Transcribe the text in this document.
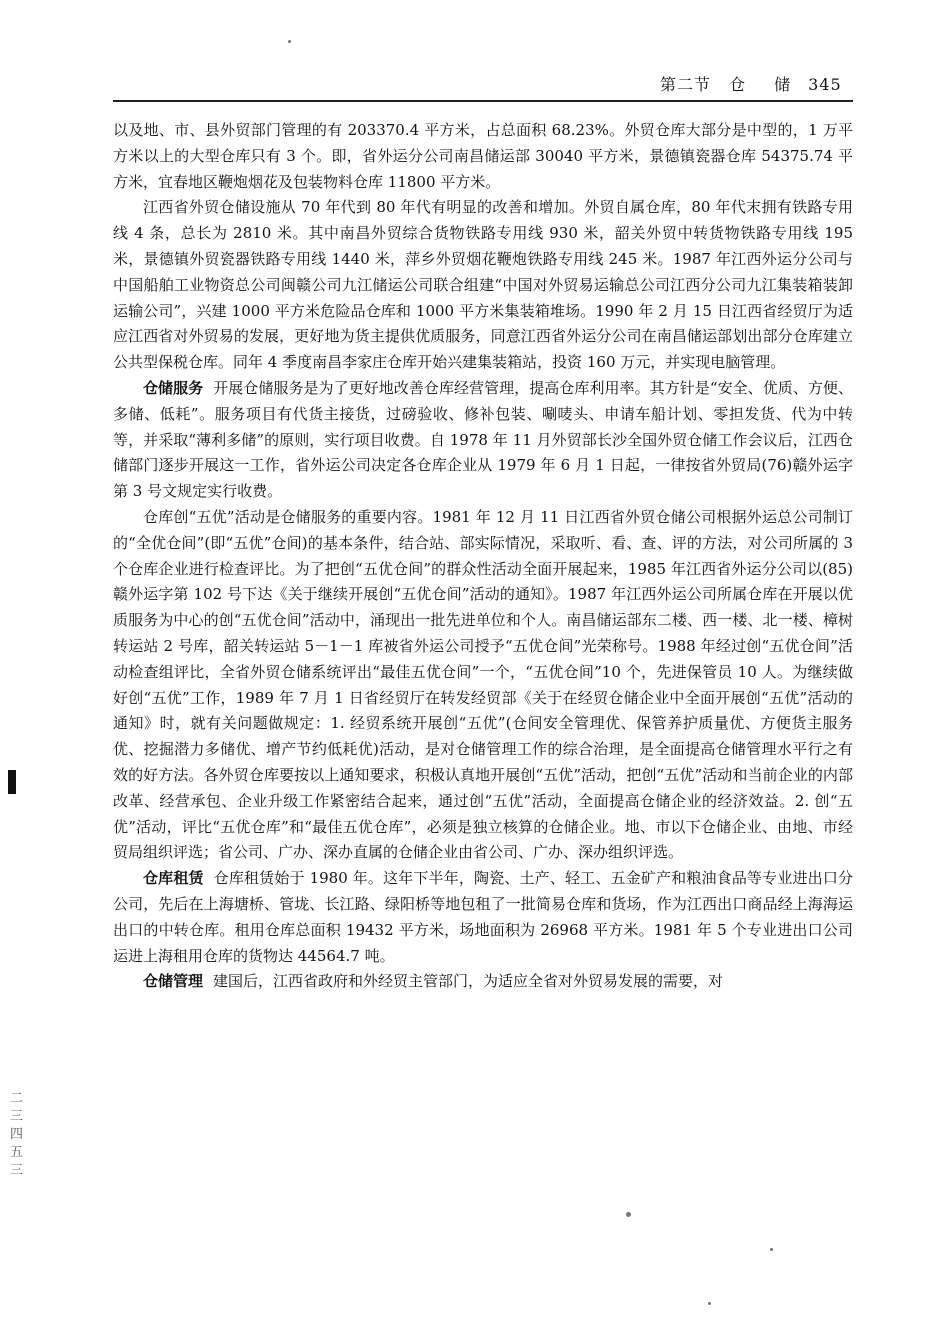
第二节 仓 储 345

以及地、市、县外贸部门管理的有 203370.4 平方米，占总面积 68.23%。外贸仓库大部分是中型的，1 万平方米以上的大型仓库只有 3 个。即，省外运分公司南昌储运部 30040 平方米，景德镇瓷器仓库 54375.74 平方米，宜春地区鞭炮烟花及包装物料仓库 11800 平方米。

江西省外贸仓储设施从 70 年代到 80 年代有明显的改善和增加。外贸自属仓库，80 年代末拥有铁路专用线 4 条，总长为 2810 米。其中南昌外贸综合货物铁路专用线 930 米，韶关外贸中转货物铁路专用线 195 米，景德镇外贸瓷器铁路专用线 1440 米，萍乡外贸烟花鞭炮铁路专用线 245 米。1987 年江西外运分公司与中国船舶工业物资总公司闽赣公司九江储运公司联合组建“中国对外贸易运输总公司江西分公司九江集装箱装卸运输公司”，兴建 1000 平方米危险品仓库和 1000 平方米集装箱堆场。1990 年 2 月 15 日江西省经贸厅为适应江西省对外贸易的发展，更好地为货主提供优质服务，同意江西省外运分公司在南昌储运部划出部分仓库建立公共型保税仓库。同年 4 季度南昌李家庄仓库开始兴建集装箱站，投资 160 万元，并实现电脑管理。

仓储服务 开展仓储服务是为了更好地改善仓库经营管理，提高仓库利用率。其方针是“安全、优质、方便、多储、低耗”。服务项目有代货主接货，过磅验收、修补包装、唰唛头、申请车船计划、零担发货、代为中转等，并采取“薄利多储”的原则，实行项目收费。自 1978 年 11 月外贸部长沙全国外贸仓储工作会议后，江西仓储部门逐步开展这一工作，省外运公司决定各仓库企业从 1979 年 6 月 1 日起，一律按省外贸局(76)赣外运字第 3 号文规定实行收费。

仓库创“五优”活动是仓储服务的重要内容。1981 年 12 月 11 日江西省外贸仓储公司根据外运总公司制订的“全优仓间”(即“五优”仓间)的基本条件，结合站、部实际情况，采取听、看、查、评的方法，对公司所属的 3 个仓库企业进行检查评比。为了把创“五优仓间”的群众性活动全面开展起来，1985 年江西省外运分公司以(85)赣外运字第 102 号下达《关于继续开展创“五优仓间”活动的通知》。1987 年江西外运公司所属仓库在开展以优质服务为中心的创“五优仓间”活动中，涌现出一批先进单位和个人。南昌储运部东二楼、西一楼、北一楼、樟树转运站 2 号库，韶关转运站 5－1－1 库被省外运公司授予“五优仓间”光荣称号。1988 年经过创“五优仓间”活动检查组评比，全省外贸仓储系统评出“最佳五优仓间”一个，“五优仓间”10 个，先进保管员 10 人。为继续做好创“五优”工作，1989 年 7 月 1 日省经贸厅在转发经贸部《关于在经贸仓储企业中全面开展创“五优”活动的通知》时，就有关问题做规定：1. 经贸系统开展创“五优”(仓间安全管理优、保管养护质量优、方便货主服务优、挖掘潜力多储优、增产节约低耗优)活动，是对仓储管理工作的综合治理，是全面提高仓储管理水平行之有效的好方法。各外贸仓库要按以上通知要求，积极认真地开展创“五优”活动，把创“五优”活动和当前企业的内部改革、经营承包、企业升级工作紧密结合起来，通过创“五优”活动，全面提高仓储企业的经济效益。2. 创“五优”活动，评比“五优仓库”和“最佳五优仓库”，必须是独立核算的仓储企业。地、市以下仓储企业、由地、市经贸局组织评选；省公司、广办、深办直属的仓储企业由省公司、广办、深办组织评选。

仓库租赁 仓库租赁始于 1980 年。这年下半年，陶瓷、土产、轻工、五金矿产和粮油食品等专业进出口分公司，先后在上海塘桥、管垅、长江路、绿阳桥等地包租了一批简易仓库和货场，作为江西出口商品经上海海运出口的中转仓库。租用仓库总面积 19432 平方米，场地面积为 26968 平方米。1981 年 5 个专业进出口公司运进上海租用仓库的货物达 44564.7 吨。

仓储管理 建国后，江西省政府和外经贸主管部门，为适应全省对外贸易发展的需要，对

二三四五三
